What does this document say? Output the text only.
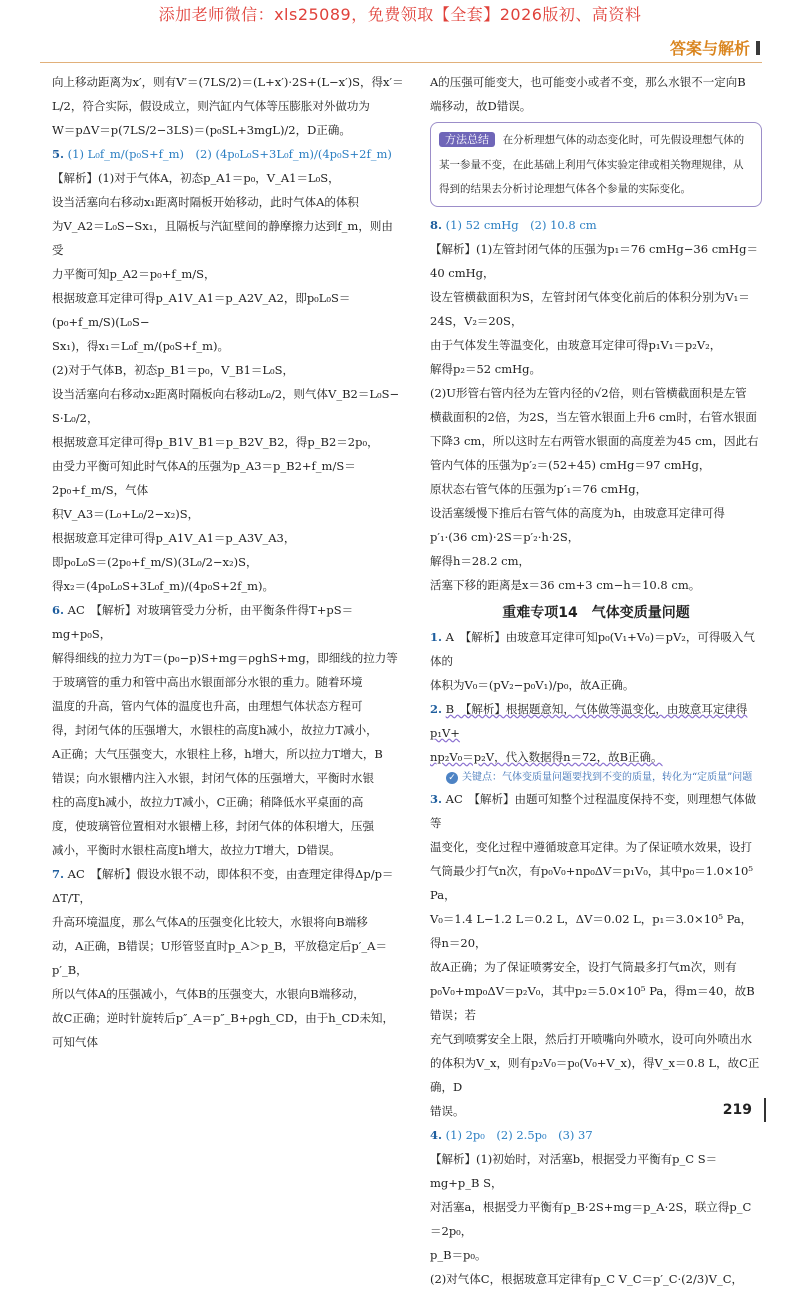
添加老师微信：xls25089，免费领取【全套】2026版初、高资料
答案与解析

向上移动距离为x′，则有V′＝(7LS/2)＝(L+x′)·2S+(L−x′)S，得x′＝

L/2，符合实际，假设成立，则汽缸内气体等压膨胀对外做功为

W＝pΔV＝p(7LS/2−3LS)＝(p₀SL+3mgL)/2，D正确。

5. (1) L₀f_m/(p₀S+f_m)　(2) (4p₀L₀S+3L₀f_m)/(4p₀S+2f_m)

【解析】(1)对于气体A，初态p_A1＝p₀，V_A1＝L₀S，

设当活塞向右移动x₁距离时隔板开始移动，此时气体A的体积

为V_A2＝L₀S−Sx₁，且隔板与汽缸壁间的静摩擦力达到f_m，则由受

力平衡可知p_A2＝p₀+f_m/S，

根据玻意耳定律可得p_A1V_A1＝p_A2V_A2，即p₀L₀S＝(p₀+f_m/S)(L₀S−

Sx₁)，得x₁＝L₀f_m/(p₀S+f_m)。

(2)对于气体B，初态p_B1＝p₀，V_B1＝L₀S，

设当活塞向右移动x₂距离时隔板向右移动L₀/2，则气体V_B2＝L₀S−

S·L₀/2，

根据玻意耳定律可得p_B1V_B1＝p_B2V_B2，得p_B2＝2p₀，

由受力平衡可知此时气体A的压强为p_A3＝p_B2+f_m/S＝2p₀+f_m/S，气体

积V_A3＝(L₀+L₀/2−x₂)S，

根据玻意耳定律可得p_A1V_A1＝p_A3V_A3，

即p₀L₀S＝(2p₀+f_m/S)(3L₀/2−x₂)S，

得x₂＝(4p₀L₀S+3L₀f_m)/(4p₀S+2f_m)。

6. AC　【解析】对玻璃管受力分析，由平衡条件得T+pS＝mg+p₀S，

解得细线的拉力为T＝(p₀−p)S+mg＝ρghS+mg，即细线的拉力等

于玻璃管的重力和管中高出水银面部分水银的重力。随着环境

温度的升高，管内气体的温度也升高，由理想气体状态方程可

得，封闭气体的压强增大，水银柱的高度h减小，故拉力T减小，

A正确；大气压强变大，水银柱上移，h增大，所以拉力T增大，B

错误；向水银槽内注入水银，封闭气体的压强增大，平衡时水银

柱的高度h减小，故拉力T减小，C正确；稍降低水平桌面的高

度，使玻璃管位置相对水银槽上移，封闭气体的体积增大，压强

减小，平衡时水银柱高度h增大，故拉力T增大，D错误。

7. AC　【解析】假设水银不动，即体积不变，由查理定律得Δp/p＝ΔT/T，

升高环境温度，那么气体A的压强变化比较大，水银将向B端移

动，A正确，B错误；U形管竖直时p_A＞p_B，平放稳定后p′_A＝p′_B，

所以气体A的压强减小，气体B的压强变大，水银向B端移动，

故C正确；逆时针旋转后p″_A＝p″_B+ρgh_CD，由于h_CD未知，可知气体

A的压强可能变大，也可能变小或者不变，那么水银不一定向B

端移动，故D错误。

方法总结 在分析理想气体的动态变化时，可先假设理想气体的某一参量不变，在此基础上利用气体实验定律或相关物理规律，从得到的结果去分析讨论理想气体各个参量的实际变化。

8. (1) 52 cmHg　(2) 10.8 cm

【解析】(1)左管封闭气体的压强为p₁＝76 cmHg−36 cmHg＝

40 cmHg，

设左管横截面积为S，左管封闭气体变化前后的体积分别为V₁＝

24S，V₂＝20S，

由于气体发生等温变化，由玻意耳定律可得p₁V₁＝p₂V₂，

解得p₂＝52 cmHg。

(2)U形管右管内径为左管内径的√2倍，则右管横截面积是左管

横截面积的2倍，为2S，当左管水银面上升6 cm时，右管水银面

下降3 cm，所以这时左右两管水银面的高度差为45 cm，因此右

管内气体的压强为p′₂＝(52+45) cmHg＝97 cmHg，

原状态右管气体的压强为p′₁＝76 cmHg，

设活塞缓慢下推后右管气体的高度为h，由玻意耳定律可得

p′₁·(36 cm)·2S＝p′₂·h·2S，

解得h＝28.2 cm，

活塞下移的距离是x＝36 cm+3 cm−h＝10.8 cm。

重难专项14　气体变质量问题

1. A　【解析】由玻意耳定律可知p₀(V₁+V₀)＝pV₂，可得吸入气体的

体积为V₀＝(pV₂−p₀V₁)/p₀，故A正确。

2. B　【解析】根据题意知，气体做等温变化，由玻意耳定律得p₁V+

np₂V₀＝p₂V，代入数据得n＝72，故B正确。

✓ 关键点：气体变质量问题要找到不变的质量，转化为“定质量”问题

3. AC　【解析】由题可知整个过程温度保持不变，则理想气体做等

温变化，变化过程中遵循玻意耳定律。为了保证喷水效果，设打

气筒最少打气n次，有p₀V₀+np₀ΔV＝p₁V₀，其中p₀＝1.0×10⁵ Pa，

V₀＝1.4 L−1.2 L＝0.2 L，ΔV＝0.02 L，p₁＝3.0×10⁵ Pa，得n＝20，

故A正确；为了保证喷雾安全，设打气筒最多打气m次，则有

p₀V₀+mp₀ΔV＝p₂V₀，其中p₂＝5.0×10⁵ Pa，得m＝40，故B错误；若

充气到喷雾安全上限，然后打开喷嘴向外喷水，设可向外喷出水

的体积为V_x，则有p₂V₀＝p₀(V₀+V_x)，得V_x＝0.8 L，故C正确，D

错误。

4. (1) 2p₀　(2) 2.5p₀　(3) 37

【解析】(1)初始时，对活塞b，根据受力平衡有p_C S＝mg+p_B S，

对活塞a，根据受力平衡有p_B·2S+mg＝p_A·2S，联立得p_C＝2p₀，

p_B＝p₀。

(2)对气体C，根据玻意耳定律有p_C V_C＝p′_C·(2/3)V_C，

219
